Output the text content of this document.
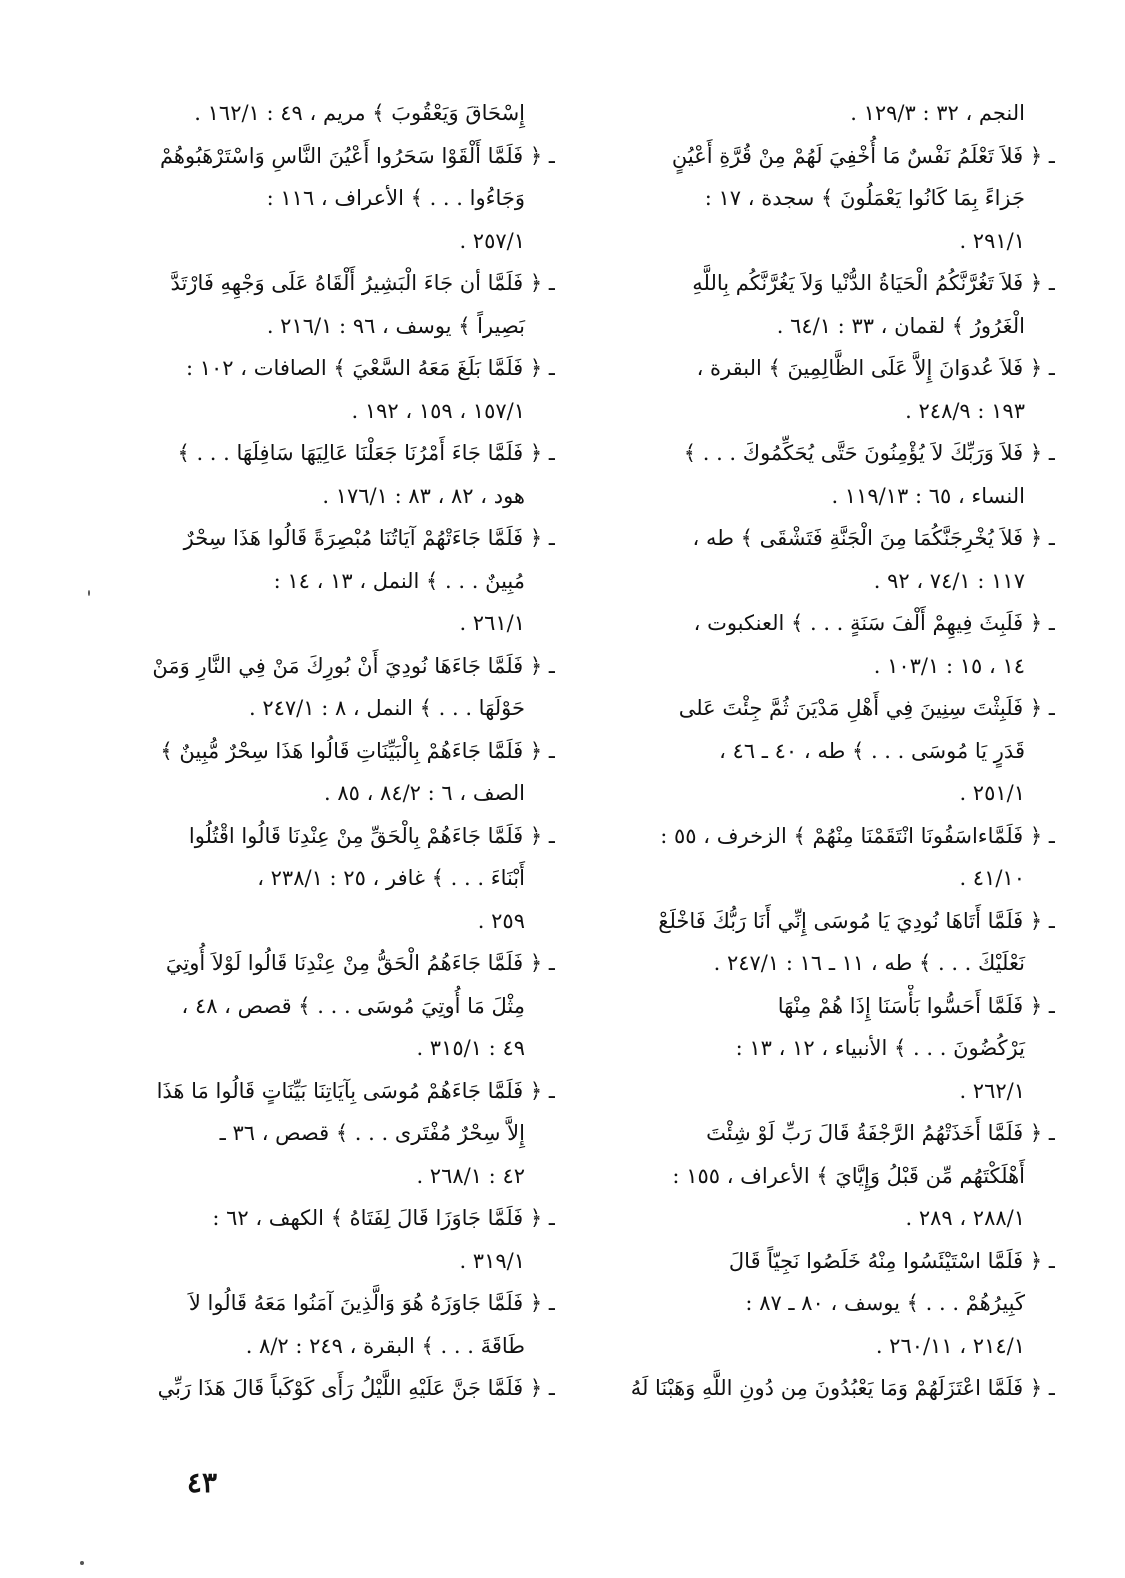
النجم ، ٣٢ : ١٢٩/٣ .
ـ ﴿ فَلاَ تَعْلَمُ نَفْسٌ مَا أُخْفِيَ لَهُمْ مِنْ قُرَّةِ أَعْيُنٍ
جَزاءً بِمَا كَانُوا يَعْمَلُونَ ﴾ سجدة ، ١٧ :
٢٩١/١ .
ـ ﴿ فَلاَ تَغُرَّنَّكُمُ الْحَيَاةُ الدُّنْيا وَلاَ يَغُرَّنَّكُم بِاللَّهِ
الْغَرُورُ ﴾ لقمان ، ٣٣ : ٦٤/١ .
ـ ﴿ فَلاَ عُدوَانَ إِلاَّ عَلَى الظَّالِمِينَ ﴾ البقرة ،
١٩٣ : ٢٤٨/٩ .
ـ ﴿ فَلاَ وَرَبِّكَ لاَ يُؤْمِنُونَ حَتَّى يُحَكِّمُوكَ . . . ﴾
النساء ، ٦٥ : ١١٩/١٣ .
ـ ﴿ فَلاَ يُخْرِجَنَّكُمَا مِنَ الْجَنَّةِ فَتَشْقَى ﴾ طه ،
١١٧ : ٧٤/١ ، ٩٢ .
ـ ﴿ فَلَبِثَ فِيهِمْ أَلْفَ سَنَةٍ . . . ﴾ العنكبوت ،
١٤ ، ١٥ : ١٠٣/١ .
ـ ﴿ فَلَبِثْتَ سِنِينَ فِي أَهْلِ مَدْيَنَ ثُمَّ جِئْتَ عَلى
قَدَرٍ يَا مُوسَى . . . ﴾ طه ، ٤٠ ـ ٤٦ ،
٢٥١/١ .
ـ ﴿ فَلَمَّاءاسَفُونَا انْتَقَمْنَا مِنْهُمْ ﴾ الزخرف ، ٥٥ :
٤١/١٠ .
ـ ﴿ فَلَمَّا أَتَاهَا نُودِيَ يَا مُوسَى إِنِّي أَنَا رَبُّكَ فَاخْلَعْ
نَعْلَيْكَ . . . ﴾ طه ، ١١ ـ ١٦ : ٢٤٧/١ .
ـ ﴿ فَلَمَّا أَحَسُّوا بَأْسَنَا إِذَا هُمْ مِنْهَا
يَرْكُضُونَ . . . ﴾ الأنبياء ، ١٢ ، ١٣ :
٢٦٢/١ .
ـ ﴿ فَلَمَّا أَخَذَتْهُمُ الرَّجْفَةُ قَالَ رَبِّ لَوْ شِئْتَ
أَهْلَكْتَهُم مِّن قَبْلُ وَإِيَّايَ ﴾ الأعراف ، ١٥٥ :
٢٨٨/١ ، ٢٨٩ .
ـ ﴿ فَلَمَّا اسْتَيْئَسُوا مِنْهُ خَلَصُوا نَجِيّاً قَالَ
كَبِيرُهُمْ . . . ﴾ يوسف ، ٨٠ ـ ٨٧ :
٢١٤/١ ، ٢٦٠/١١ .
ـ ﴿ فَلَمَّا اعْتَزَلَهُمْ وَمَا يَعْبُدُونَ مِن دُونِ اللَّهِ وَهَبْنَا لَهُ
إِسْحَاقَ وَيَعْقُوبَ ﴾ مريم ، ٤٩ : ١٦٢/١ .
ـ ﴿ فَلَمَّا أَلْقَوْا سَحَرُوا أَعْيُنَ النَّاسِ وَاسْتَرْهَبُوهُمْ
وَجَاءُوا . . . ﴾ الأعراف ، ١١٦ :
٢٥٧/١ .
ـ ﴿ فَلَمَّا أن جَاءَ الْبَشِيرُ أَلْقَاهُ عَلَى وَجْهِهِ فَارْتَدَّ
بَصِيراً ﴾ يوسف ، ٩٦ : ٢١٦/١ .
ـ ﴿ فَلَمَّا بَلَغَ مَعَهُ السَّعْيَ ﴾ الصافات ، ١٠٢ :
١٥٧/١ ، ١٥٩ ، ١٩٢ .
ـ ﴿ فَلَمَّا جَاءَ أَمْرُنَا جَعَلْنَا عَالِيَهَا سَافِلَهَا . . . ﴾
هود ، ٨٢ ، ٨٣ : ١٧٦/١ .
ـ ﴿ فَلَمَّا جَاءَتْهُمْ آيَاتُنَا مُبْصِرَةً قَالُوا هَذَا سِحْرٌ
مُبِينٌ . . . ﴾ النمل ، ١٣ ، ١٤ :
٢٦١/١ .
ـ ﴿ فَلَمَّا جَاءَهَا نُودِيَ أَنْ بُورِكَ مَنْ فِي النَّارِ وَمَنْ
حَوْلَهَا . . . ﴾ النمل ، ٨ : ٢٤٧/١ .
ـ ﴿ فَلَمَّا جَاءَهُمْ بِالْبَيِّنَاتِ قَالُوا هَذَا سِحْرٌ مُّبِينٌ ﴾
الصف ، ٦ : ٨٤/٢ ، ٨٥ .
ـ ﴿ فَلَمَّا جَاءَهُمْ بِالْحَقِّ مِنْ عِنْدِنَا قَالُوا اقْتُلُوا
أَبْنَاءَ . . . ﴾ غافر ، ٢٥ : ٢٣٨/١ ،
٢٥٩ .
ـ ﴿ فَلَمَّا جَاءَهُمُ الْحَقُّ مِنْ عِنْدِنَا قَالُوا لَوْلاَ أُوتِيَ
مِثْلَ مَا أُوتِيَ مُوسَى . . . ﴾ قصص ، ٤٨ ،
٤٩ : ٣١٥/١ .
ـ ﴿ فَلَمَّا جَاءَهُمْ مُوسَى بِآيَاتِنَا بَيِّنَاتٍ قَالُوا مَا هَذَا
إِلاَّ سِحْرٌ مُفْتَرى . . . ﴾ قصص ، ٣٦ ـ
٤٢ : ٢٦٨/١ .
ـ ﴿ فَلَمَّا جَاوَزَا قَالَ لِفَتَاهُ ﴾ الكهف ، ٦٢ :
٣١٩/١ .
ـ ﴿ فَلَمَّا جَاوَزَهُ هُوَ وَالَّذِينَ آمَنُوا مَعَهُ قَالُوا لاَ
طَاقَةَ . . . ﴾ البقرة ، ٢٤٩ : ٨/٢ .
ـ ﴿ فَلَمَّا جَنَّ عَلَيْهِ اللَّيْلُ رَأَى كَوْكَباً قَالَ هَذَا رَبِّي
٤٣
